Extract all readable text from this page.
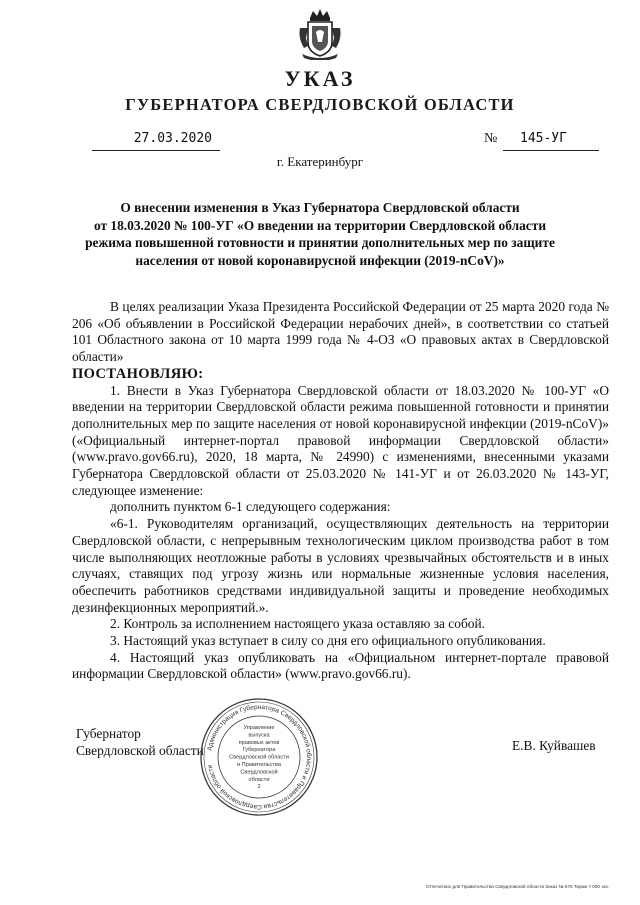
УКАЗ
ГУБЕРНАТОРА СВЕРДЛОВСКОЙ ОБЛАСТИ
27.03.2020	№ 145-УГ
г. Екатеринбург
О внесении изменения в Указ Губернатора Свердловской области
от 18.03.2020 № 100-УГ «О введении на территории Свердловской области
режима повышенной готовности и принятии дополнительных мер по защите
населения от новой коронавирусной инфекции (2019-nCoV)»

В целях реализации Указа Президента Российской Федерации от 25 марта 2020 года № 206 «Об объявлении в Российской Федерации нерабочих дней», в соответствии со статьей 101 Областного закона от 10 марта 1999 года № 4-ОЗ «О правовых актах в Свердловской области»

ПОСТАНОВЛЯЮ:

1. Внести в Указ Губернатора Свердловской области от 18.03.2020 № 100-УГ «О введении на территории Свердловской области режима повышенной готовности и принятии дополнительных мер по защите населения от новой коронавирусной инфекции (2019-nCoV)» («Официальный интернет-портал правовой информации Свердловской области» (www.pravo.gov66.ru), 2020, 18 марта, № 24990) с изменениями, внесенными указами Губернатора Свердловской области от 25.03.2020 № 141-УГ и от 26.03.2020 № 143-УГ, следующее изменение:

дополнить пунктом 6-1 следующего содержания:

«6-1. Руководителям организаций, осуществляющих деятельность на территории Свердловской области, с непрерывным технологическим циклом производства работ в том числе выполняющих неотложные работы в условиях чрезвычайных обстоятельств и в иных случаях, ставящих под угрозу жизнь или нормальные жизненные условия населения, обеспечить работников средствами индивидуальной защиты и проведение необходимых дезинфекционных мероприятий.».

2. Контроль за исполнением настоящего указа оставляю за собой.

3. Настоящий указ вступает в силу со дня его официального опубликования.

4. Настоящий указ опубликовать на «Официальном интернет-портале правовой информации Свердловской области» (www.pravo.gov66.ru).

Губернатор
Свердловской области Администрация Губернатора Свердловской области и Правительства Свердловской области
Управление
выпуска
правовых актов
Губернатора
Свердловской области
и Правительства
Свердловской
области
2
Е.В. Куйвашев
Отпечатано для Правительства Свердловской области Заказ № 575 Тираж 7 000 экз.
